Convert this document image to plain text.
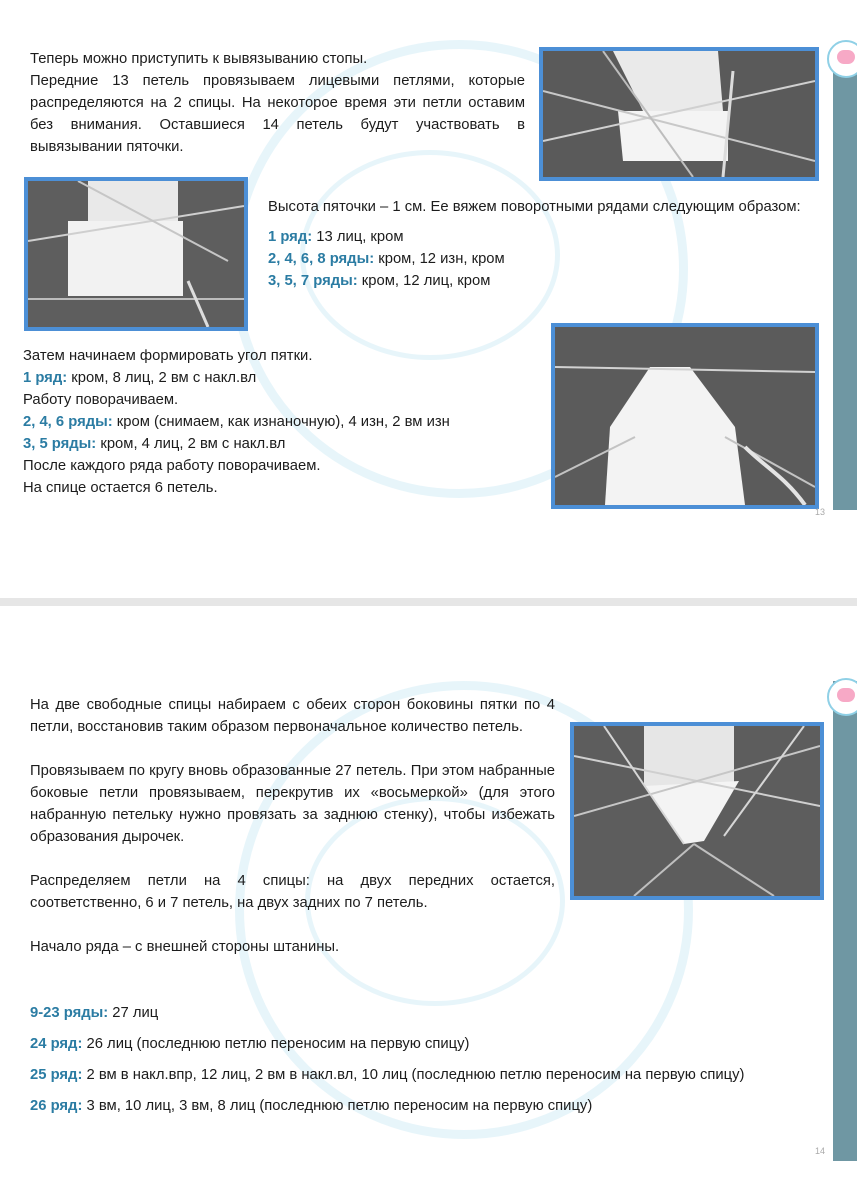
Теперь можно приступить к вывязыванию стопы.

Передние 13 петель провязываем лицевыми петлями, которые распределяются на 2 спицы. На некоторое время эти петли оставим без внимания. Оставшиеся 14 петель будут участвовать в вывязывании пяточки.

Высота пяточки – 1 см. Ее вяжем поворотными рядами следующим образом:

1 ряд: 13 лиц, кром

2, 4, 6, 8 ряды: кром, 12 изн, кром

3, 5, 7 ряды: кром, 12 лиц, кром

Затем начинаем формировать угол пятки.

1 ряд: кром, 8 лиц, 2 вм с накл.вл

Работу поворачиваем.

2, 4, 6 ряды: кром (снимаем, как изнаночную), 4 изн, 2 вм изн

3, 5 ряды: кром, 4 лиц, 2 вм с накл.вл

После каждого ряда работу поворачиваем.

На спице остается 6 петель.

13

На две свободные спицы набираем с обеих сторон боковины пятки по 4 петли, восстановив таким образом первоначальное количество петель.

Провязываем по кругу вновь образованные 27 петель. При этом набранные боковые петли провязываем, перекрутив их «восьмеркой» (для этого набранную петельку нужно провязать за заднюю стенку), чтобы избежать образования дырочек.

Распределяем петли на 4 спицы: на двух передних остается, соответственно, 6 и 7 петель, на двух задних по 7 петель.

Начало ряда – с внешней стороны штанины.

9-23 ряды: 27 лиц

24 ряд: 26 лиц (последнюю петлю переносим на первую спицу)

25 ряд: 2 вм в накл.впр, 12 лиц, 2 вм в накл.вл, 10 лиц (последнюю петлю переносим на первую спицу)

26 ряд: 3 вм, 10 лиц, 3 вм, 8 лиц (последнюю петлю переносим на первую спицу)

14
